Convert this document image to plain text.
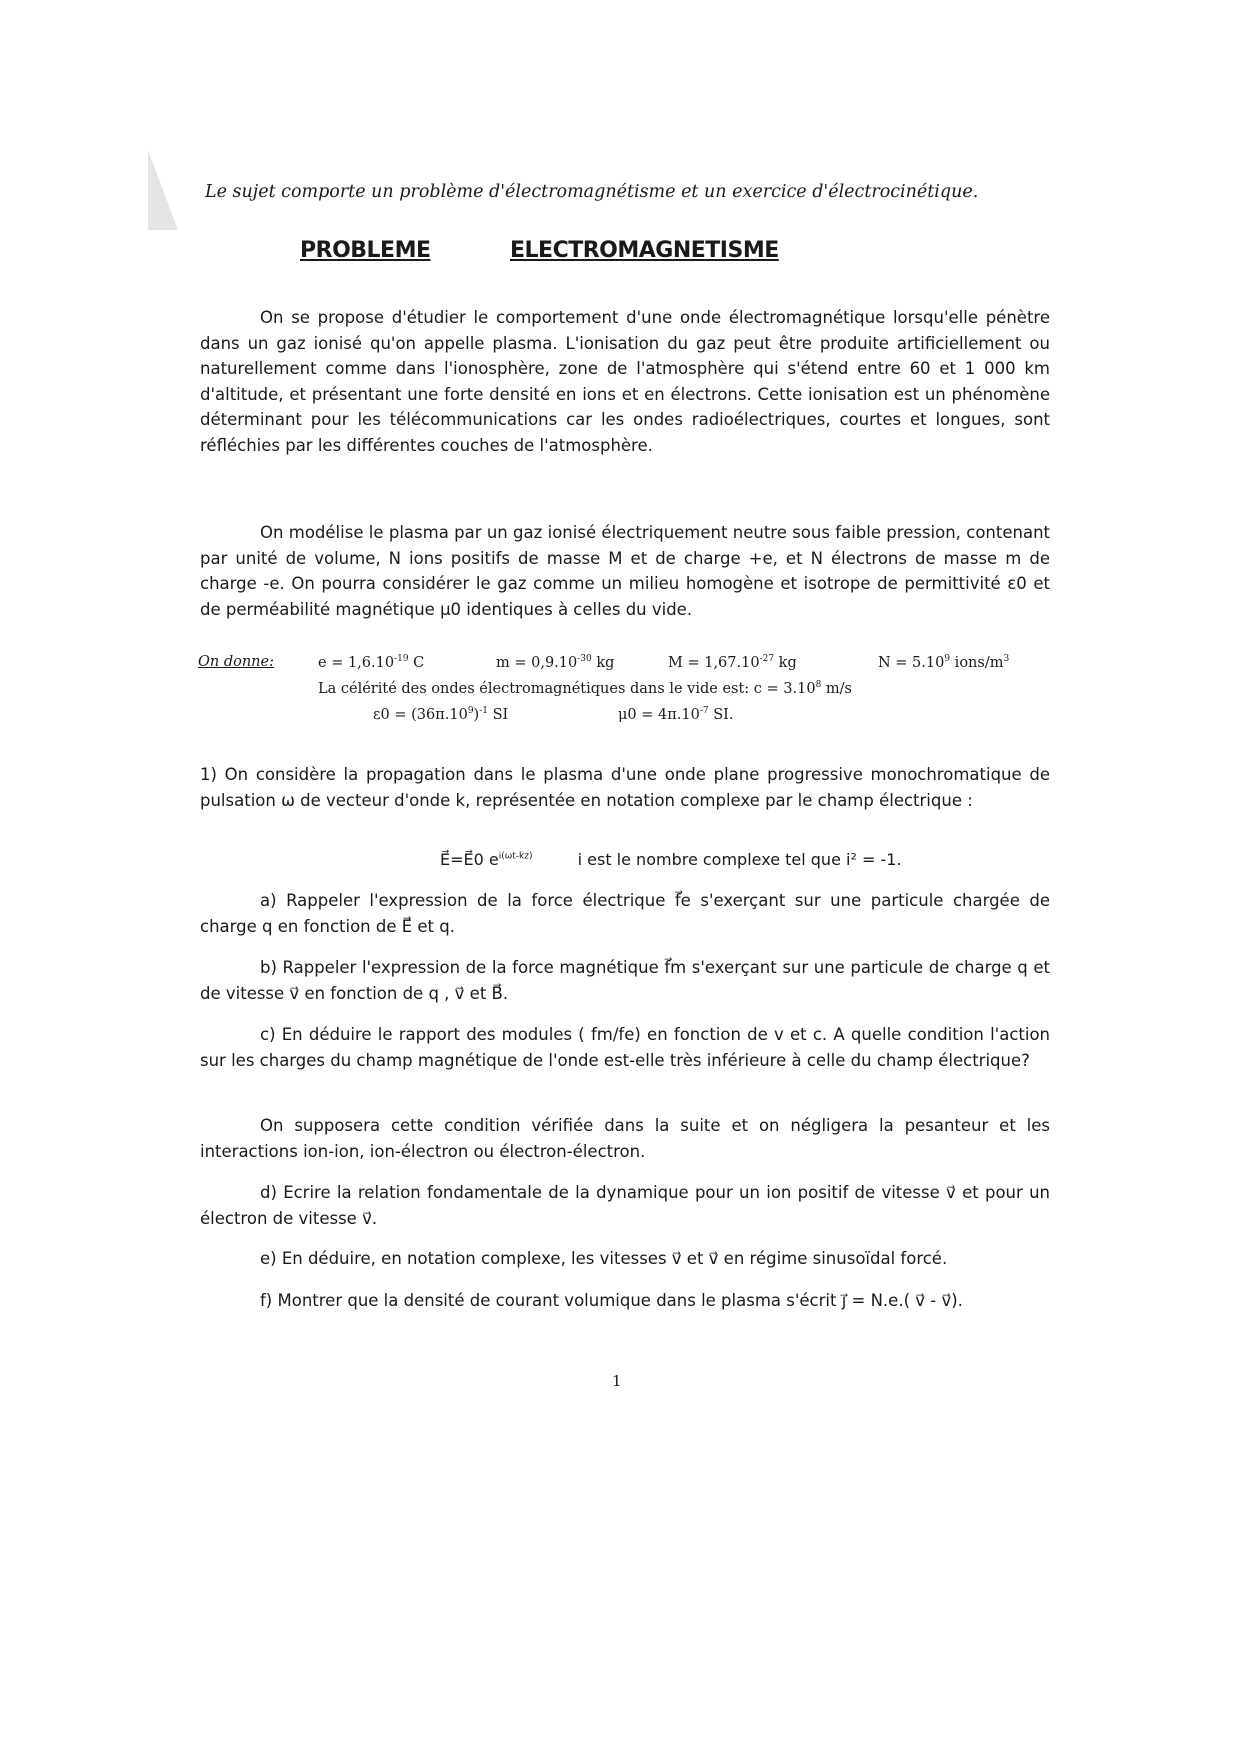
Le sujet comporte un problème d'électromagnétisme et un exercice d'électrocinétique.
PROBLEME	ELECTROMAGNETISME
On se propose d'étudier le comportement d'une onde électromagnétique lorsqu'elle pénètre dans un gaz ionisé qu'on appelle plasma. L'ionisation du gaz peut être produite artificiellement ou naturellement comme dans l'ionosphère, zone de l'atmosphère qui s'étend entre 60 et 1 000 km d'altitude, et présentant une forte densité en ions et en électrons. Cette ionisation est un phénomène déterminant pour les télécommunications car les ondes radioélectriques, courtes et longues, sont réfléchies par les différentes couches de l'atmosphère.
On modélise le plasma par un gaz ionisé électriquement neutre sous faible pression, contenant par unité de volume, N ions positifs de masse M et de charge +e, et N électrons de masse m de charge -e. On pourra considérer le gaz comme un milieu homogène et isotrope de permittivité ε0 et de perméabilité magnétique μ0 identiques à celles du vide.
On donne:	$e = 1,6.10^{-19}$ C	$m = 0,9.10^{-30}$ kg	$M = 1,67.10^{-27}$ kg	$N = 5.10^9$ ions/$m^3$
La célérité des ondes électromagnétiques dans le vide est: $c = 3.10^8$ m/s
$\varepsilon 0 = (36\pi.10^9)^{-1}$ SI	$\mu 0 = 4\pi.10^{-7}$ SI.
1) On considère la propagation dans le plasma d'une onde plane progressive monochromatique de pulsation ω de vecteur d'onde k, représentée en notation complexe par le champ électrique :
E⃗=E⃗0 $e^{i(\omega t-kz)}$	i est le nombre complexe tel que i² = -1.
a) Rappeler l'expression de la force électrique f⃗e s'exerçant sur une particule chargée de charge q en fonction de E⃗ et q.
b) Rappeler l'expression de la force magnétique f⃗m s'exerçant sur une particule de charge q et de vitesse v⃗ en fonction de q , v⃗ et B⃗.
c) En déduire le rapport des modules ( fm/fe) en fonction de v et c. A quelle condition l'action sur les charges du champ magnétique de l'onde est-elle très inférieure à celle du champ électrique?
On supposera cette condition vérifiée dans la suite et on négligera la pesanteur et les interactions ion-ion, ion-électron ou électron-électron.
d) Ecrire la relation fondamentale de la dynamique pour un ion positif de vitesse v⃗ et pour un électron de vitesse v⃗.
e) En déduire, en notation complexe, les vitesses v⃗ et v⃗ en régime sinusoïdal forcé.
f) Montrer que la densité de courant volumique dans le plasma s'écrit j⃗ = N.e.( v⃗ - v⃗).
1
